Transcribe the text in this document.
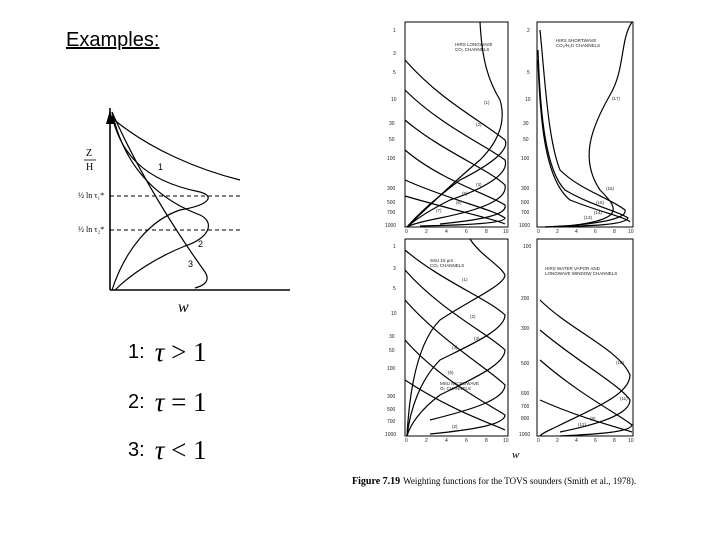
Examples:
1
2
3
Z
H
½ ln τ₁*
½ ln τ₂*
w
HIRS LONGWAVE
CO₂ CHANNELS
(1)
(2)
(3)
(5)
(6)
(7)
HIRS SHORTWAVE
CO₂/N₂O CHANNELS
(17)
(16)
(15)
(14)
(13)
SSU 15 μm
CO₂ CHANNELS
MSU MICROWAVE
O₂ CHANNELS
(1)
(2)
(3)
(4)
(5)
(2)
HIRS WATER VAPOR AND
LONGWAVE WINDOW CHANNELS
(10)
(11)
(8)
(12)
1
3
5
10
30
50
100
300
500
700
1000
2
5
10
30
50
100
300
500
700
1000
1
3
5
10
30
50
100
300
500
700
1000
100
200
300
500
600
700
800
1000
0	2	4	6	8	10	0	2	4	6	8 10
0	2	4	6	8	10	0	2	4	6	8 10
w
1: τ > 1
2: τ = 1
3: τ < 1
Figure 7.19 Weighting functions for the TOVS sounders (Smith et al., 1978).
